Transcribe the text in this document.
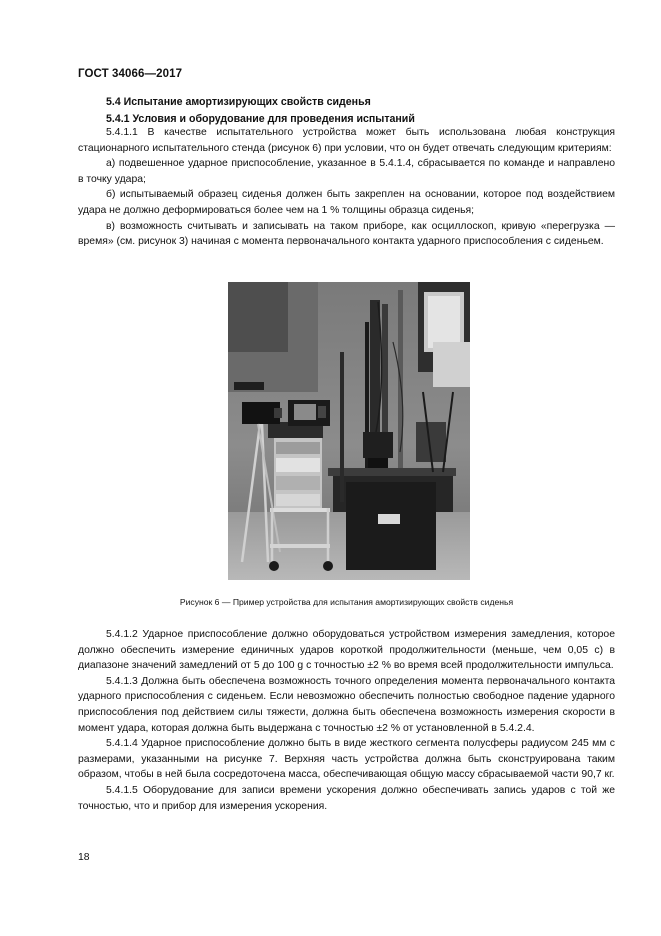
ГОСТ 34066—2017
5.4 Испытание амортизирующих свойств сиденья
5.4.1 Условия и оборудование для проведения испытаний

5.4.1.1 В качестве испытательного устройства может быть использована любая конструкция стационарного испытательного стенда (рисунок 6) при условии, что он будет отвечать следующим критериям:

а) подвешенное ударное приспособление, указанное в 5.4.1.4, сбрасывается по команде и направлено в точку удара;

б) испытываемый образец сиденья должен быть закреплен на основании, которое под воздействием удара не должно деформироваться более чем на 1 % толщины образца сиденья;

в) возможность считывать и записывать на таком приборе, как осциллоскоп, кривую «перегрузка — время» (см. рисунок 3) начиная с момента первоначального контакта ударного приспособления с сиденьем.

Рисунок 6 — Пример устройства для испытания амортизирующих свойств сиденья

5.4.1.2 Ударное приспособление должно оборудоваться устройством измерения замедления, которое должно обеспечить измерение единичных ударов короткой продолжительности (меньше, чем 0,05 с) в диапазоне значений замедлений от 5 до 100 g с точностью ±2 % во время всей продолжительности импульса.

5.4.1.3 Должна быть обеспечена возможность точного определения момента первоначального контакта ударного приспособления с сиденьем. Если невозможно обеспечить полностью свободное падение ударного приспособления под действием силы тяжести, должна быть обеспечена возможность измерения скорости в момент удара, которая должна быть выдержана с точностью ±2 % от установленной в 5.4.2.4.

5.4.1.4 Ударное приспособление должно быть в виде жесткого сегмента полусферы радиусом 245 мм с размерами, указанными на рисунке 7. Верхняя часть устройства должна быть сконструирована таким образом, чтобы в ней была сосредоточена масса, обеспечивающая общую массу сбрасываемой части 90,7 кг.

5.4.1.5 Оборудование для записи времени ускорения должно обеспечивать запись ударов с той же точностью, что и прибор для измерения ускорения.

18
